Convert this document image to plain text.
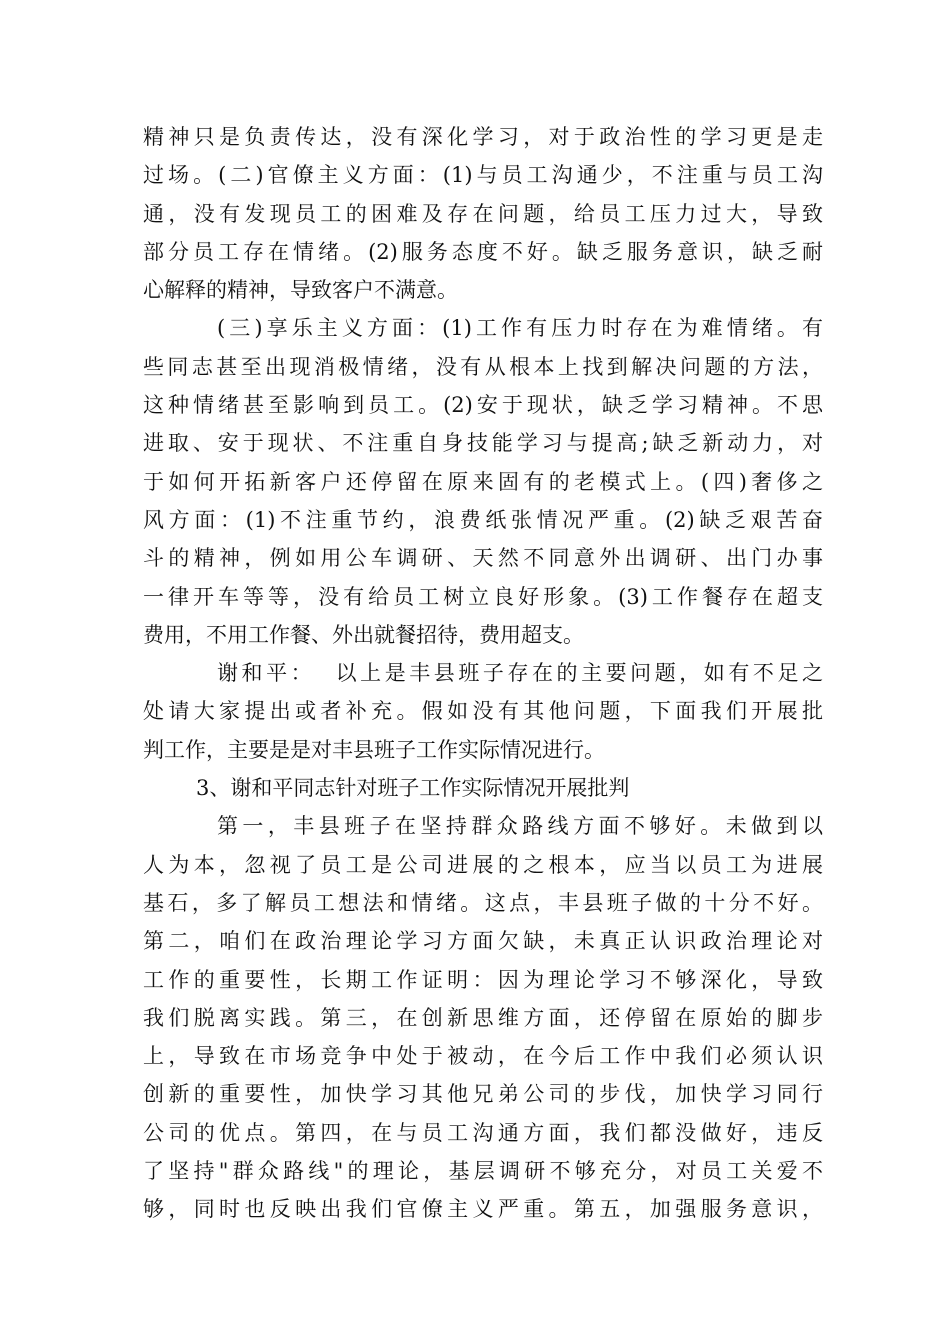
精神只是负责传达，没有深化学习，对于政治性的学习更是走
过场。(二)官僚主义方面：(1)与员工沟通少，不注重与员工沟
通，没有发现员工的困难及存在问题，给员工压力过大，导致
部分员工存在情绪。(2)服务态度不好。缺乏服务意识，缺乏耐
心解释的精神，导致客户不满意。
(三)享乐主义方面：(1)工作有压力时存在为难情绪。有
些同志甚至出现消极情绪，没有从根本上找到解决问题的方法，
这种情绪甚至影响到员工。(2)安于现状，缺乏学习精神。不思
进取、安于现状、不注重自身技能学习与提高;缺乏新动力，对
于如何开拓新客户还停留在原来固有的老模式上。(四)奢侈之
风方面：(1)不注重节约，浪费纸张情况严重。(2)缺乏艰苦奋
斗的精神，例如用公车调研、天然不同意外出调研、出门办事
一律开车等等，没有给员工树立良好形象。(3)工作餐存在超支
费用，不用工作餐、外出就餐招待，费用超支。
谢和平：  以上是丰县班子存在的主要问题，如有不足之
处请大家提出或者补充。假如没有其他问题，下面我们开展批
判工作，主要是是对丰县班子工作实际情况进行。
3、谢和平同志针对班子工作实际情况开展批判
第一，丰县班子在坚持群众路线方面不够好。未做到以
人为本，忽视了员工是公司进展的之根本，应当以员工为进展
基石，多了解员工想法和情绪。这点，丰县班子做的十分不好。
第二，咱们在政治理论学习方面欠缺，未真正认识政治理论对
工作的重要性，长期工作证明：因为理论学习不够深化，导致
我们脱离实践。第三，在创新思维方面，还停留在原始的脚步
上，导致在市场竞争中处于被动，在今后工作中我们必须认识
创新的重要性，加快学习其他兄弟公司的步伐，加快学习同行
公司的优点。第四，在与员工沟通方面，我们都没做好，违反
了坚持"群众路线"的理论，基层调研不够充分，对员工关爱不
够，同时也反映出我们官僚主义严重。第五，加强服务意识，
